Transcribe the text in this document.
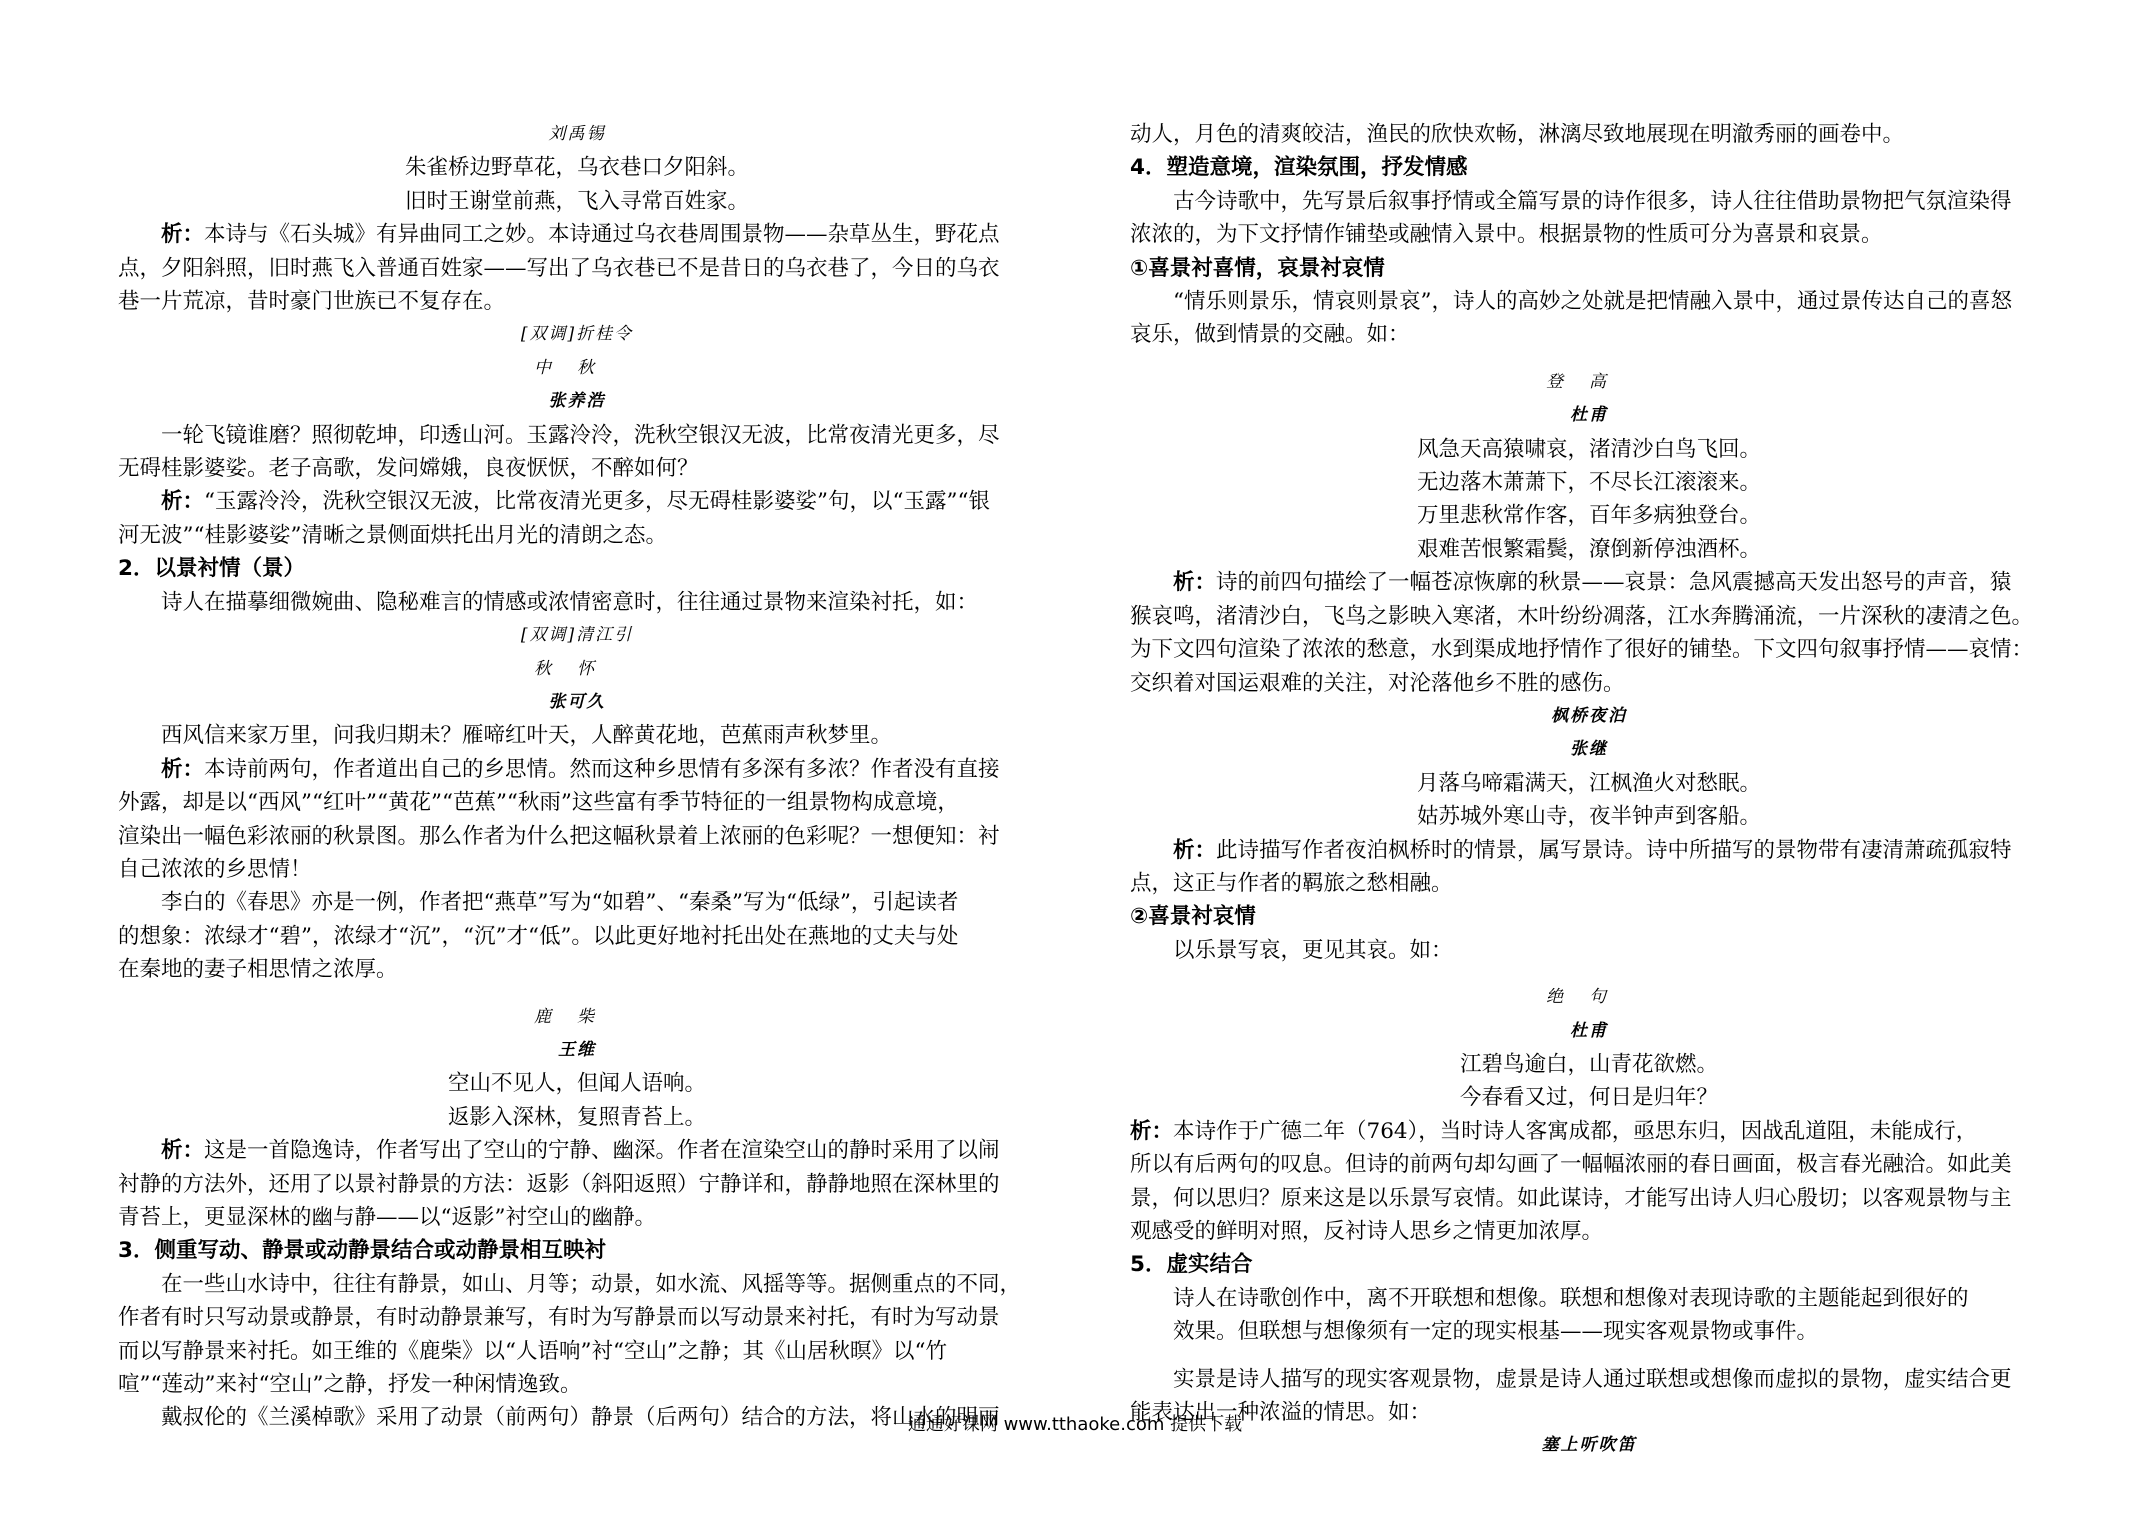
刘禹锡
朱雀桥边野草花，乌衣巷口夕阳斜。
旧时王谢堂前燕，飞入寻常百姓家。
析：本诗与《石头城》有异曲同工之妙。本诗通过乌衣巷周围景物——杂草丛生，野花点
点，夕阳斜照，旧时燕飞入普通百姓家——写出了乌衣巷已不是昔日的乌衣巷了，今日的乌衣
巷一片荒凉，昔时豪门世族已不复存在。
[双调]折桂令
中秋
张养浩
一轮飞镜谁磨？照彻乾坤，印透山河。玉露泠泠，洗秋空银汉无波，比常夜清光更多，尽
无碍桂影婆娑。老子高歌，发问嫦娥，良夜恹恹，不醉如何？
析：“玉露泠泠，洗秋空银汉无波，比常夜清光更多，尽无碍桂影婆娑”句，以“玉露”“银
河无波”“桂影婆娑”清晰之景侧面烘托出月光的清朗之态。
2．以景衬情（景）
诗人在描摹细微婉曲、隐秘难言的情感或浓情密意时，往往通过景物来渲染衬托，如：
[双调]清江引
秋怀
张可久
西风信来家万里，问我归期未？雁啼红叶天，人醉黄花地，芭蕉雨声秋梦里。
析：本诗前两句，作者道出自己的乡思情。然而这种乡思情有多深有多浓？作者没有直接
外露，却是以“西风”“红叶”“黄花”“芭蕉”“秋雨”这些富有季节特征的一组景物构成意境，
渲染出一幅色彩浓丽的秋景图。那么作者为什么把这幅秋景着上浓丽的色彩呢？一想便知：衬
自己浓浓的乡思情！
李白的《春思》亦是一例，作者把“燕草”写为“如碧”、“秦桑”写为“低绿”，引起读者
的想象：浓绿才“碧”，浓绿才“沉”，“沉”才“低”。以此更好地衬托出处在燕地的丈夫与处
在秦地的妻子相思情之浓厚。
鹿柴
王维
空山不见人，但闻人语响。
返影入深林，复照青苔上。
析：这是一首隐逸诗，作者写出了空山的宁静、幽深。作者在渲染空山的静时采用了以闹
衬静的方法外，还用了以景衬静景的方法：返影（斜阳返照）宁静详和，静静地照在深林里的
青苔上，更显深林的幽与静——以“返影”衬空山的幽静。
3．侧重写动、静景或动静景结合或动静景相互映衬
在一些山水诗中，往往有静景，如山、月等；动景，如水流、风摇等等。据侧重点的不同，
作者有时只写动景或静景，有时动静景兼写，有时为写静景而以写动景来衬托，有时为写动景
而以写静景来衬托。如王维的《鹿柴》以“人语响”衬“空山”之静；其《山居秋暝》以“竹
喧”“莲动”来衬“空山”之静，抒发一种闲情逸致。
戴叔伦的《兰溪棹歌》采用了动景（前两句）静景（后两句）结合的方法，将山水的明丽
动人，月色的清爽皎洁，渔民的欣快欢畅，淋漓尽致地展现在明澈秀丽的画卷中。
4．塑造意境，渲染氛围，抒发情感
古今诗歌中，先写景后叙事抒情或全篇写景的诗作很多，诗人往往借助景物把气氛渲染得
浓浓的，为下文抒情作铺垫或融情入景中。根据景物的性质可分为喜景和哀景。
①喜景衬喜情，哀景衬哀情
“情乐则景乐，情哀则景哀”，诗人的高妙之处就是把情融入景中，通过景传达自己的喜怒
哀乐，做到情景的交融。如：
登高
杜甫
风急天高猿啸哀，渚清沙白鸟飞回。
无边落木萧萧下，不尽长江滚滚来。
万里悲秋常作客，百年多病独登台。
艰难苦恨繁霜鬓，潦倒新停浊酒杯。
析：诗的前四句描绘了一幅苍凉恢廓的秋景——哀景：急风震撼高天发出怒号的声音，猿
猴哀鸣，渚清沙白，飞鸟之影映入寒渚，木叶纷纷凋落，江水奔腾涌流，一片深秋的凄清之色。
为下文四句渲染了浓浓的愁意，水到渠成地抒情作了很好的铺垫。下文四句叙事抒情——哀情：
交织着对国运艰难的关注，对沦落他乡不胜的感伤。
枫桥夜泊
张继
月落乌啼霜满天，江枫渔火对愁眠。
姑苏城外寒山寺，夜半钟声到客船。
析：此诗描写作者夜泊枫桥时的情景，属写景诗。诗中所描写的景物带有凄清萧疏孤寂特
点，这正与作者的羁旅之愁相融。
②喜景衬哀情
以乐景写哀，更见其哀。如：
绝句
杜甫
江碧鸟逾白，山青花欲燃。
今春看又过，何日是归年？
析：本诗作于广德二年（764），当时诗人客寓成都，亟思东归，因战乱道阻，未能成行，
所以有后两句的叹息。但诗的前两句却勾画了一幅幅浓丽的春日画面，极言春光融洽。如此美
景，何以思归？原来这是以乐景写哀情。如此谋诗，才能写出诗人归心殷切；以客观景物与主
观感受的鲜明对照，反衬诗人思乡之情更加浓厚。
5．虚实结合
诗人在诗歌创作中，离不开联想和想像。联想和想像对表现诗歌的主题能起到很好的
效果。但联想与想像须有一定的现实根基——现实客观景物或事件。
实景是诗人描写的现实客观景物，虚景是诗人通过联想或想像而虚拟的景物，虚实结合更
能表达出一种浓溢的情思。如：
塞上听吹笛
通通好课网 www.tthaoke.com 提供下载
